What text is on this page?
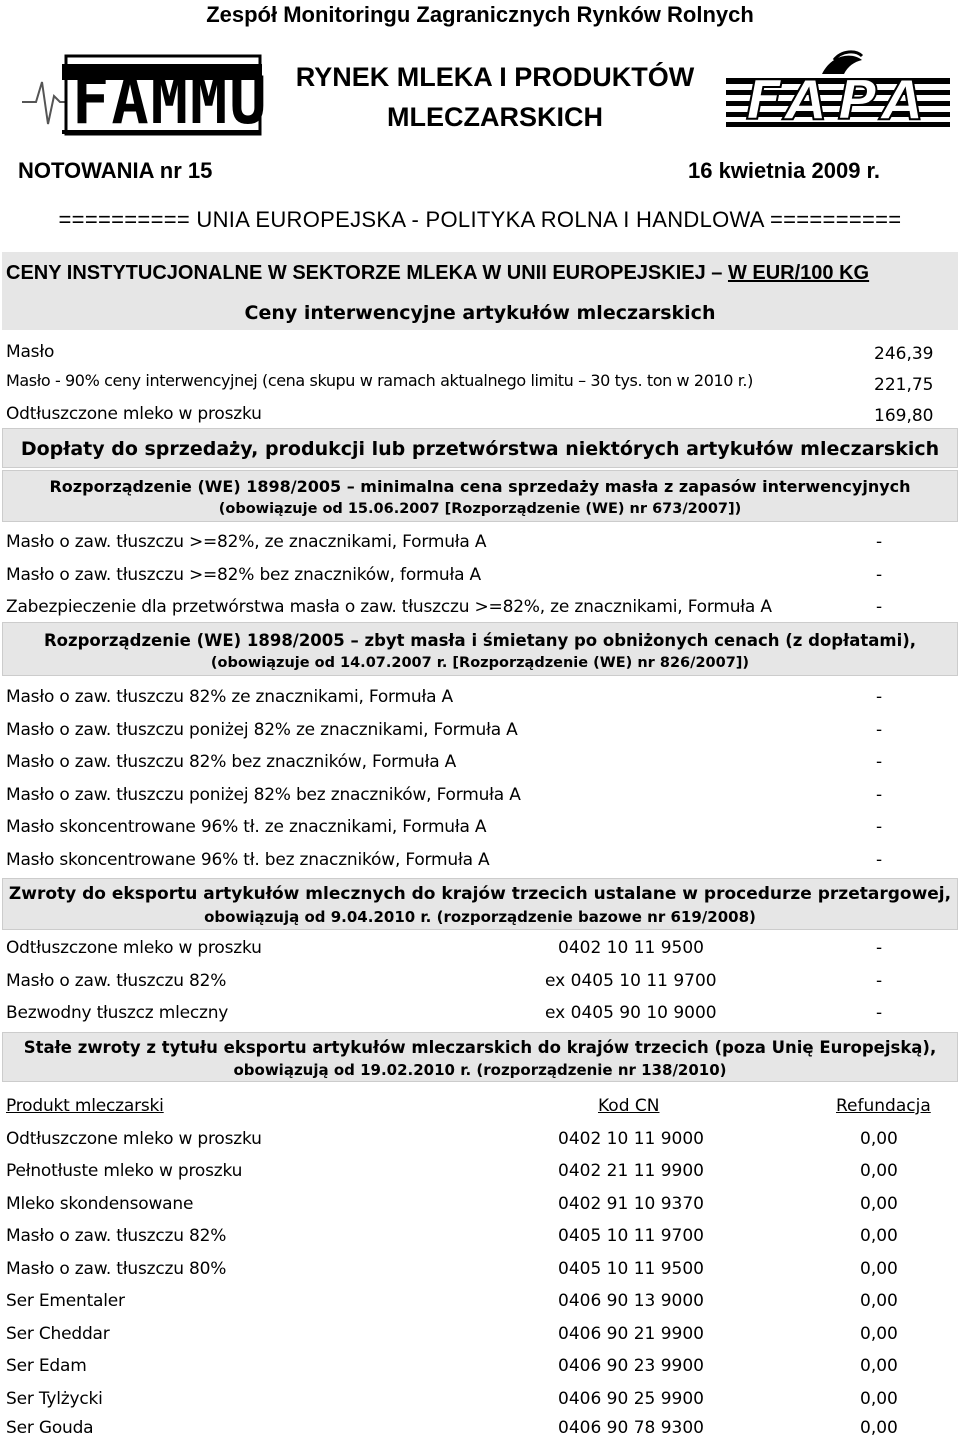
Zespół Monitoringu Zagranicznych Rynków Rolnych
FAMMU	RYNEK MLEKA I PRODUKTÓW
MLECZARSKICH	FAPA
NOTOWANIA nr 15	16 kwietnia 2009 r.
========== UNIA EUROPEJSKA - POLITYKA ROLNA I HANDLOWA ==========
CENY INSTYTUCJONALNE W SEKTORZE MLEKA W UNII EUROPEJSKIEJ – W EUR/100 KG
Ceny interwencyjne artykułów mleczarskich
Masło	246,39
Masło - 90% ceny interwencyjnej (cena skupu w ramach aktualnego limitu – 30 tys. ton w 2010 r.)	221,75
Odtłuszczone mleko w proszku	169,80
Dopłaty do sprzedaży, produkcji lub przetwórstwa niektórych artykułów mleczarskich
Rozporządzenie (WE) 1898/2005 – minimalna cena sprzedaży masła z zapasów interwencyjnych
(obowiązuje od 15.06.2007 [Rozporządzenie (WE) nr 673/2007])
Masło o zaw. tłuszczu >=82%, ze znacznikami, Formuła A	-
Masło o zaw. tłuszczu >=82% bez znaczników, formuła A	-
Zabezpieczenie dla przetwórstwa masła o zaw. tłuszczu >=82%, ze znacznikami, Formuła A	-
Rozporządzenie (WE) 1898/2005 – zbyt masła i śmietany po obniżonych cenach (z dopłatami),
(obowiązuje od 14.07.2007 r. [Rozporządzenie (WE) nr 826/2007])
Masło o zaw. tłuszczu 82% ze znacznikami, Formuła A	-
Masło o zaw. tłuszczu poniżej 82% ze znacznikami, Formuła A	-
Masło o zaw. tłuszczu 82% bez znaczników, Formuła A	-
Masło o zaw. tłuszczu poniżej 82% bez znaczników, Formuła A	-
Masło skoncentrowane 96% tł. ze znacznikami, Formuła A	-
Masło skoncentrowane 96% tł. bez znaczników, Formuła A	-
Zwroty do eksportu artykułów mlecznych do krajów trzecich ustalane w procedurze przetargowej,
obowiązują od 9.04.2010 r. (rozporządzenie bazowe nr 619/2008)
Odtłuszczone mleko w proszku	0402 10 11 9500	-
Masło o zaw. tłuszczu 82%	ex 0405 10 11 9700	-
Bezwodny tłuszcz mleczny	ex 0405 90 10 9000	-
Stałe zwroty z tytułu eksportu artykułów mleczarskich do krajów trzecich (poza Unię Europejską),
obowiązują od 19.02.2010 r. (rozporządzenie nr 138/2010)
Produkt mleczarski	Kod CN	Refundacja
Odtłuszczone mleko w proszku	0402 10 11 9000	0,00
Pełnotłuste mleko w proszku	0402 21 11 9900	0,00
Mleko skondensowane	0402 91 10 9370	0,00
Masło o zaw. tłuszczu 82%	0405 10 11 9700	0,00
Masło o zaw. tłuszczu 80%	0405 10 11 9500	0,00
Ser Ementaler	0406 90 13 9000	0,00
Ser Cheddar	0406 90 21 9900	0,00
Ser Edam	0406 90 23 9900	0,00
Ser Tylżycki	0406 90 25 9900	0,00
Ser Gouda	0406 90 78 9300	0,00
